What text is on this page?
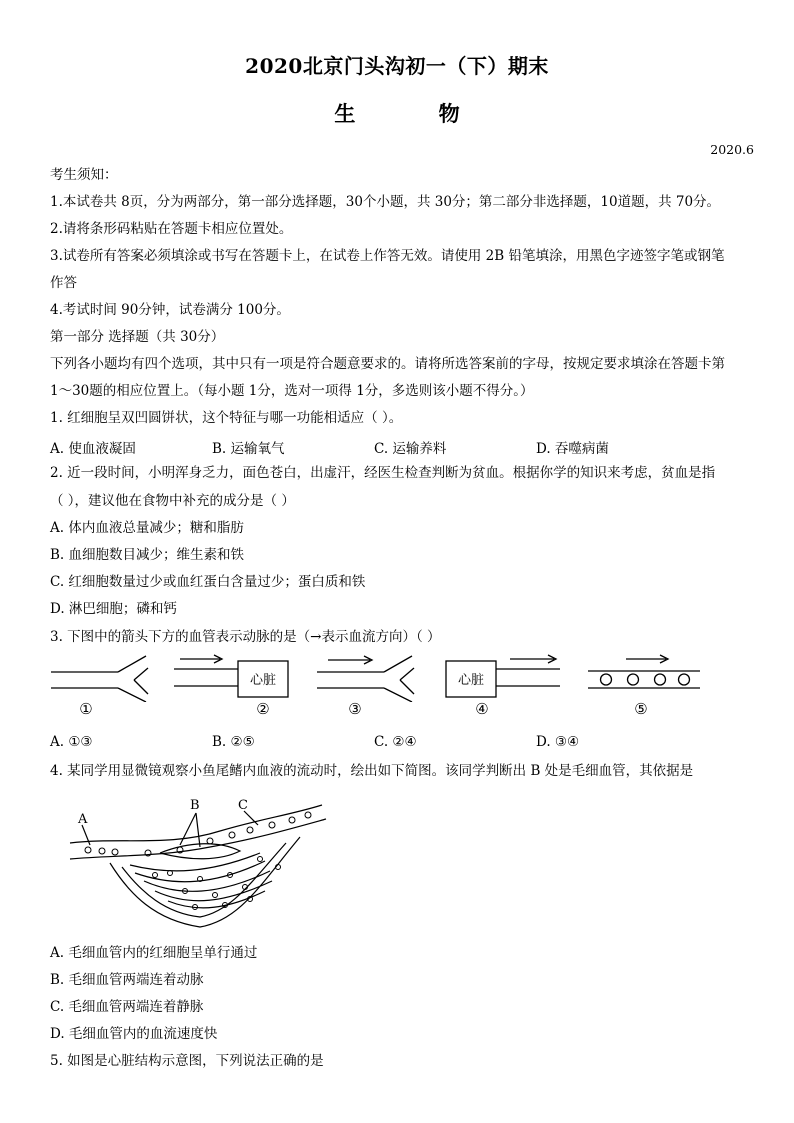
2020北京门头沟初一（下）期末
生 物
2020.6
考生须知：
1.本试卷共 8页，分为两部分，第一部分选择题，30个小题，共 30分；第二部分非选择题，10道题，共 70分。
2.请将条形码粘贴在答题卡相应位置处。
3.试卷所有答案必须填涂或书写在答题卡上，在试卷上作答无效。请使用 2B 铅笔填涂，用黑色字迹签字笔或钢笔
作答
4.考试时间 90分钟，试卷满分 100分。
第一部分 选择题（共 30分）
下列各小题均有四个选项，其中只有一项是符合题意要求的。请将所选答案前的字母，按规定要求填涂在答题卡第
1～30题的相应位置上。（每小题 1分，选对一项得 1分，多选则该小题不得分。）
1. 红细胞呈双凹圆饼状，这个特征与哪一功能相适应（ ）。
A. 使血液凝固	B. 运输氧气	C. 运输养料	D. 吞噬病菌
2. 近一段时间，小明浑身乏力，面色苍白，出虚汗，经医生检查判断为贫血。根据你学的知识来考虑，贫血是指
（ ），建议他在食物中补充的成分是（ ）
A. 体内血液总量减少；糖和脂肪
B. 血细胞数目减少；维生素和铁
C. 红细胞数量过少或血红蛋白含量过少；蛋白质和铁
D. 淋巴细胞；磷和钙
3. 下图中的箭头下方的血管表示动脉的是（→表示血流方向）（ ）
心脏	心脏
①	②	③	④	⑤
A. ①③	B. ②⑤	C. ②④	D. ③④
4. 某同学用显微镜观察小鱼尾鳍内血液的流动时，绘出如下简图。该同学判断出 B 处是毛细血管，其依据是
A
B	C
A. 毛细血管内的红细胞呈单行通过
B. 毛细血管两端连着动脉
C. 毛细血管两端连着静脉
D. 毛细血管内的血流速度快
5. 如图是心脏结构示意图，下列说法正确的是
